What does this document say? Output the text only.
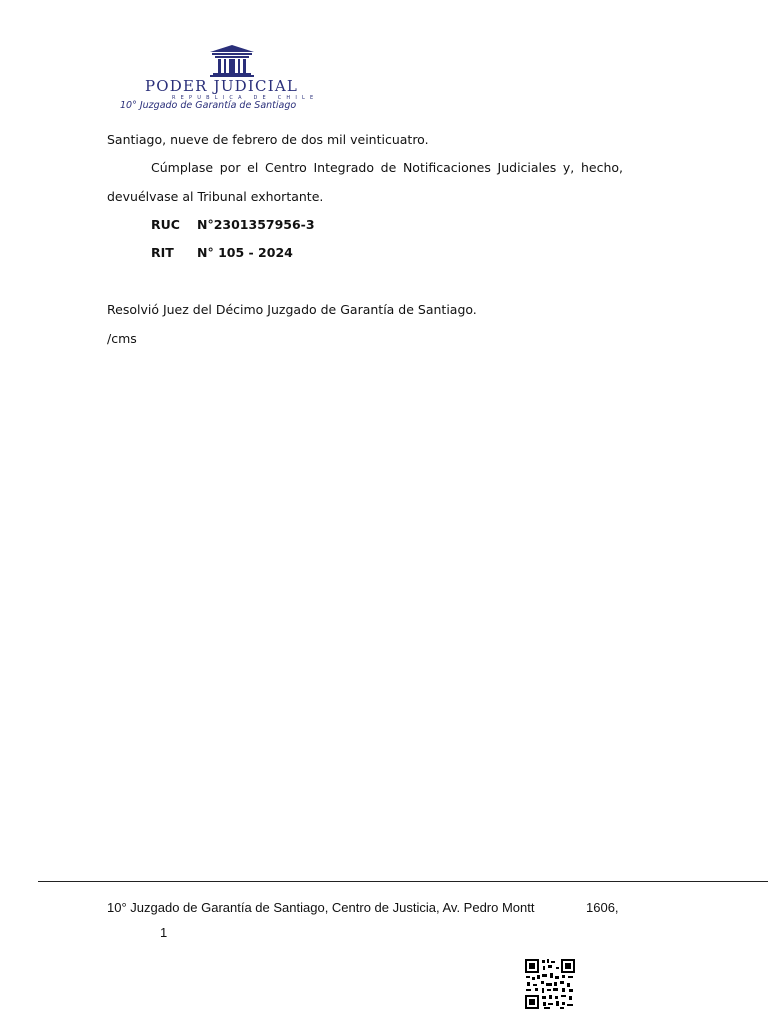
PODER JUDICIAL
REPUBLICA DE CHILE
10° Juzgado de Garantía de Santiago
Santiago, nueve de febrero de dos mil veinticuatro.
Cúmplase por el Centro Integrado de Notificaciones Judiciales y, hecho,
devuélvase al Tribunal exhortante.
RUC N°2301357956-3
RIT N° 105 - 2024
Resolvió Juez del Décimo Juzgado de Garantía de Santiago.
/cms
10° Juzgado de Garantía de Santiago, Centro de Justicia, Av. Pedro Montt	1606,
1
